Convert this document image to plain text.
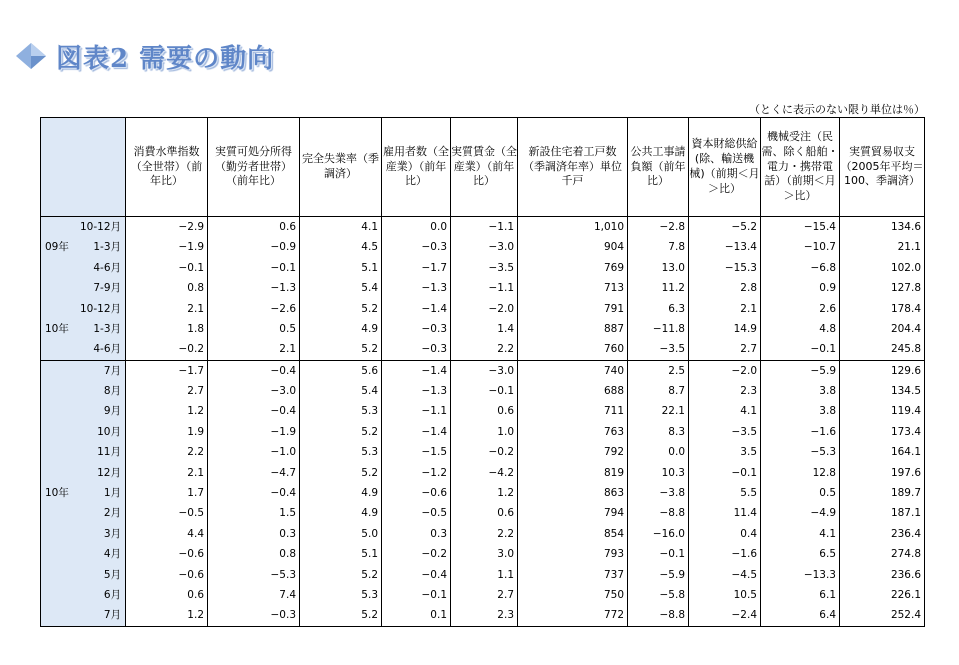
図表2 需要の動向
（とくに表示のない限り単位は％）
	消費水準指数（全世帯）（前年比）	実質可処分所得（勤労者世帯）（前年比）	完全失業率（季調済）	雇用者数（全産業）（前年比）	実質賃金（全産業）（前年比）	新設住宅着工戸数（季調済年率）単位 千戸	公共工事請負額（前年比）	資本財総供給(除、輸送機械)（前期＜月＞比）	機械受注（民需、除く船舶・電力・携帯電話）（前期＜月＞比）	実質貿易収支（2005年平均＝100、季調済）

10-12月	−2.9	0.6	4.1	0.0	−1.1	1,010	−2.8	−5.2	−15.4	134.6

09年 1-3月	−1.9	−0.9	4.5	−0.3	−3.0	904	7.8	−13.4	−10.7	21.1

4-6月	−0.1	−0.1	5.1	−1.7	−3.5	769	13.0	−15.3	−6.8	102.0

7-9月	0.8	−1.3	5.4	−1.3	−1.1	713	11.2	2.8	0.9	127.8

10-12月	2.1	−2.6	5.2	−1.4	−2.0	791	6.3	2.1	2.6	178.4

10年 1-3月	1.8	0.5	4.9	−0.3	1.4	887	−11.8	14.9	4.8	204.4

4-6月	−0.2	2.1	5.2	−0.3	2.2	760	−3.5	2.7	−0.1	245.8

7月	−1.7	−0.4	5.6	−1.4	−3.0	740	2.5	−2.0	−5.9	129.6

8月	2.7	−3.0	5.4	−1.3	−0.1	688	8.7	2.3	3.8	134.5

9月	1.2	−0.4	5.3	−1.1	0.6	711	22.1	4.1	3.8	119.4

10月	1.9	−1.9	5.2	−1.4	1.0	763	8.3	−3.5	−1.6	173.4

11月	2.2	−1.0	5.3	−1.5	−0.2	792	0.0	3.5	−5.3	164.1

12月	2.1	−4.7	5.2	−1.2	−4.2	819	10.3	−0.1	12.8	197.6

10年 1月	1.7	−0.4	4.9	−0.6	1.2	863	−3.8	5.5	0.5	189.7

2月	−0.5	1.5	4.9	−0.5	0.6	794	−8.8	11.4	−4.9	187.1

3月	4.4	0.3	5.0	0.3	2.2	854	−16.0	0.4	4.1	236.4

4月	−0.6	0.8	5.1	−0.2	3.0	793	−0.1	−1.6	6.5	274.8

5月	−0.6	−5.3	5.2	−0.4	1.1	737	−5.9	−4.5	−13.3	236.6

6月	0.6	7.4	5.3	−0.1	2.7	750	−5.8	10.5	6.1	226.1

7月	1.2	−0.3	5.2	0.1	2.3	772	−8.8	−2.4	6.4	252.4
